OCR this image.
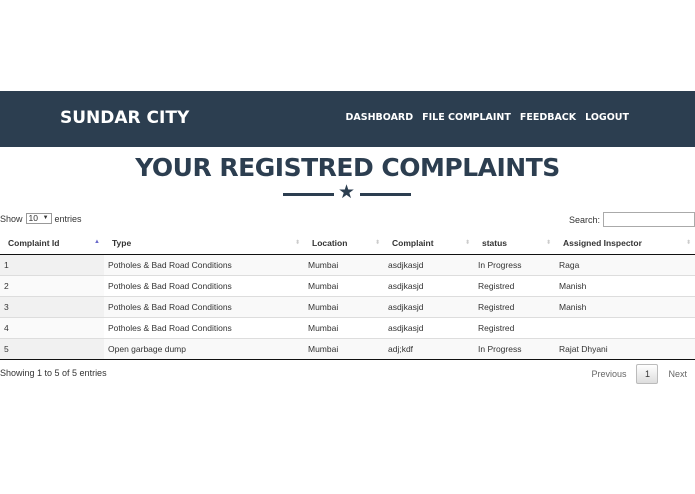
SUNDAR CITY	DASHBOARD FILE COMPLAINT FEEDBACK LOGOUT
YOUR REGISTRED COMPLAINTS
★
Show 10 ▼ entries	Search:
Complaint Id ▲	Type ⬍	Location ⬍	Complaint ⬍	status ⬍	Assigned Inspector ⬍

1	Potholes & Bad Road Conditions	Mumbai	asdjkasjd	In Progress	Raga
2	Potholes & Bad Road Conditions	Mumbai	asdjkasjd	Registred	Manish
3	Potholes & Bad Road Conditions	Mumbai	asdjkasjd	Registred	Manish
4	Potholes & Bad Road Conditions	Mumbai	asdjkasjd	Registred	
5	Open garbage dump	Mumbai	adj;kdf	In Progress	Rajat Dhyani
Showing 1 to 5 of 5 entries	Previous	1	Next
